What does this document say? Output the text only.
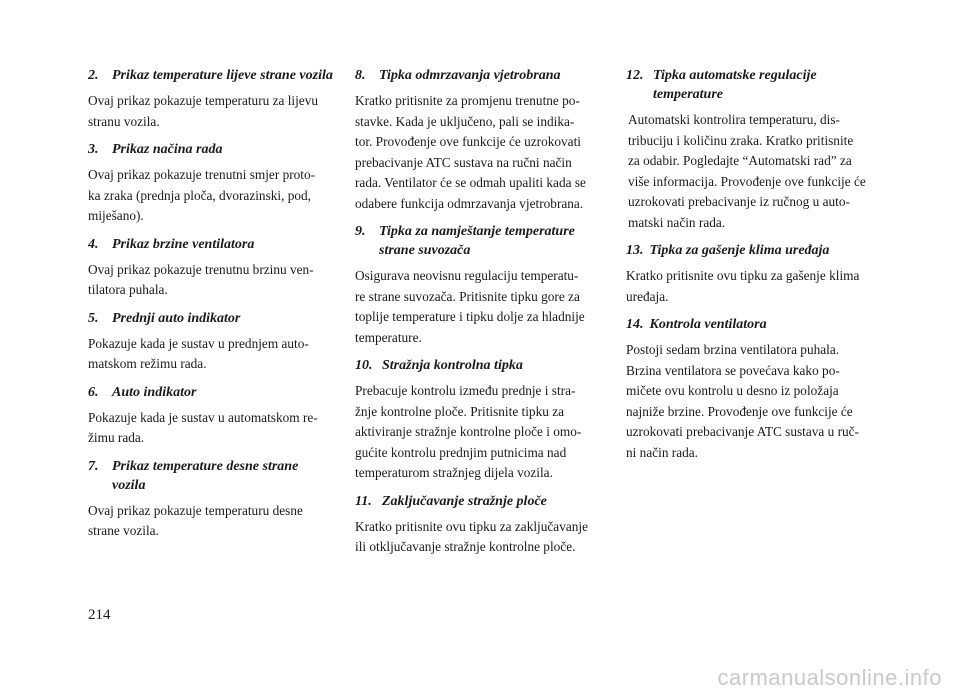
2. Prikaz temperature lijeve strane vozila

Ovaj prikaz pokazuje temperaturu za lijevu
stranu vozila.

3. Prikaz načina rada

Ovaj prikaz pokazuje trenutni smjer proto-
ka zraka (prednja ploča, dvorazinski, pod,
miješano).

4. Prikaz brzine ventilatora

Ovaj prikaz pokazuje trenutnu brzinu ven-
tilatora puhala.

5. Prednji auto indikator

Pokazuje kada je sustav u prednjem auto-
matskom režimu rada.

6. Auto indikator

Pokazuje kada je sustav u automatskom re-
žimu rada.

7. Prikaz temperature desne strane vozila

Ovaj prikaz pokazuje temperaturu desne
strane vozila.

8. Tipka odmrzavanja vjetrobrana

Kratko pritisnite za promjenu trenutne po-
stavke. Kada je uključeno, pali se indika-
tor. Provođenje ove funkcije će uzrokovati
prebacivanje ATC sustava na ručni način
rada. Ventilator će se odmah upaliti kada se
odabere funkcija odmrzavanja vjetrobrana.

9. Tipka za namještanje temperature strane suvozača

Osigurava neovisnu regulaciju temperatu-
re strane suvozača. Pritisnite tipku gore za
toplije temperature i tipku dolje za hladnije
temperature.

10. Stražnja kontrolna tipka

Prebacuje kontrolu između prednje i stra-
žnje kontrolne ploče. Pritisnite tipku za
aktiviranje stražnje kontrolne ploče i omo-
gućite kontrolu prednjim putnicima nad
temperaturom stražnjeg dijela vozila.

11. Zaključavanje stražnje ploče

Kratko pritisnite ovu tipku za zaključavanje
ili otključavanje stražnje kontrolne ploče.

12. Tipka automatske regulacije temperature

Automatski kontrolira temperaturu, dis-
tribuciju i količinu zraka. Kratko pritisnite
za odabir. Pogledajte “Automatski rad” za
više informacija. Provođenje ove funkcije će
uzrokovati prebacivanje iz ručnog u auto-
matski način rada.

13. Tipka za gašenje klima uređaja

Kratko pritisnite ovu tipku za gašenje klima
uređaja.

14. Kontrola ventilatora

Postoji sedam brzina ventilatora puhala.
Brzina ventilatora se povećava kako po-
mičete ovu kontrolu u desno iz položaja
najniže brzine. Provođenje ove funkcije će
uzrokovati prebacivanje ATC sustava u ruč-
ni način rada.

214
carmanualsonline.info
